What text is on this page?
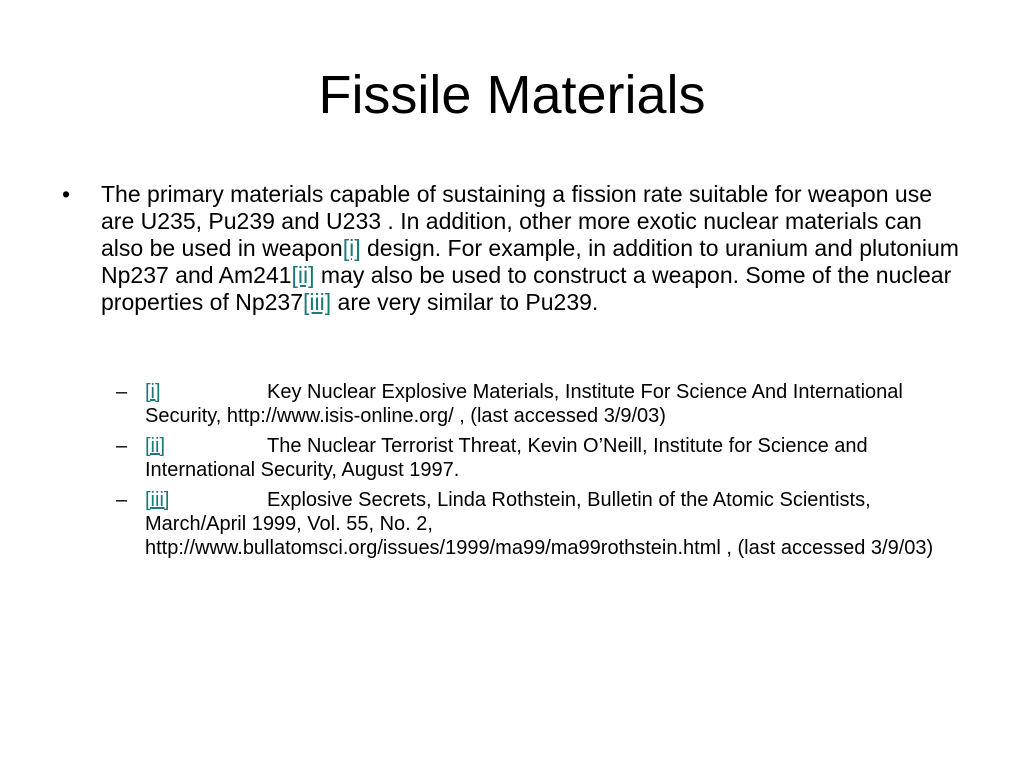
Fissile Materials
•	The primary materials capable of sustaining a fission rate suitable for weapon use are U235, Pu239 and U233 . In addition, other more exotic nuclear materials can also be used in weapon[i] design. For example, in addition to uranium and plutonium Np237 and Am241[ii] may also be used to construct a weapon. Some of the nuclear properties of Np237[iii] are very similar to Pu239.
– [i]	Key Nuclear Explosive Materials, Institute For Science And International Security, http://www.isis-online.org/ , (last accessed 3/9/03)
– [ii]	The Nuclear Terrorist Threat, Kevin O’Neill, Institute for Science and International Security, August 1997.
– [iii]	Explosive Secrets, Linda Rothstein, Bulletin of the Atomic Scientists, March/April 1999, Vol. 55, No. 2, http://www.bullatomsci.org/issues/1999/ma99/ma99rothstein.html , (last accessed 3/9/03)
